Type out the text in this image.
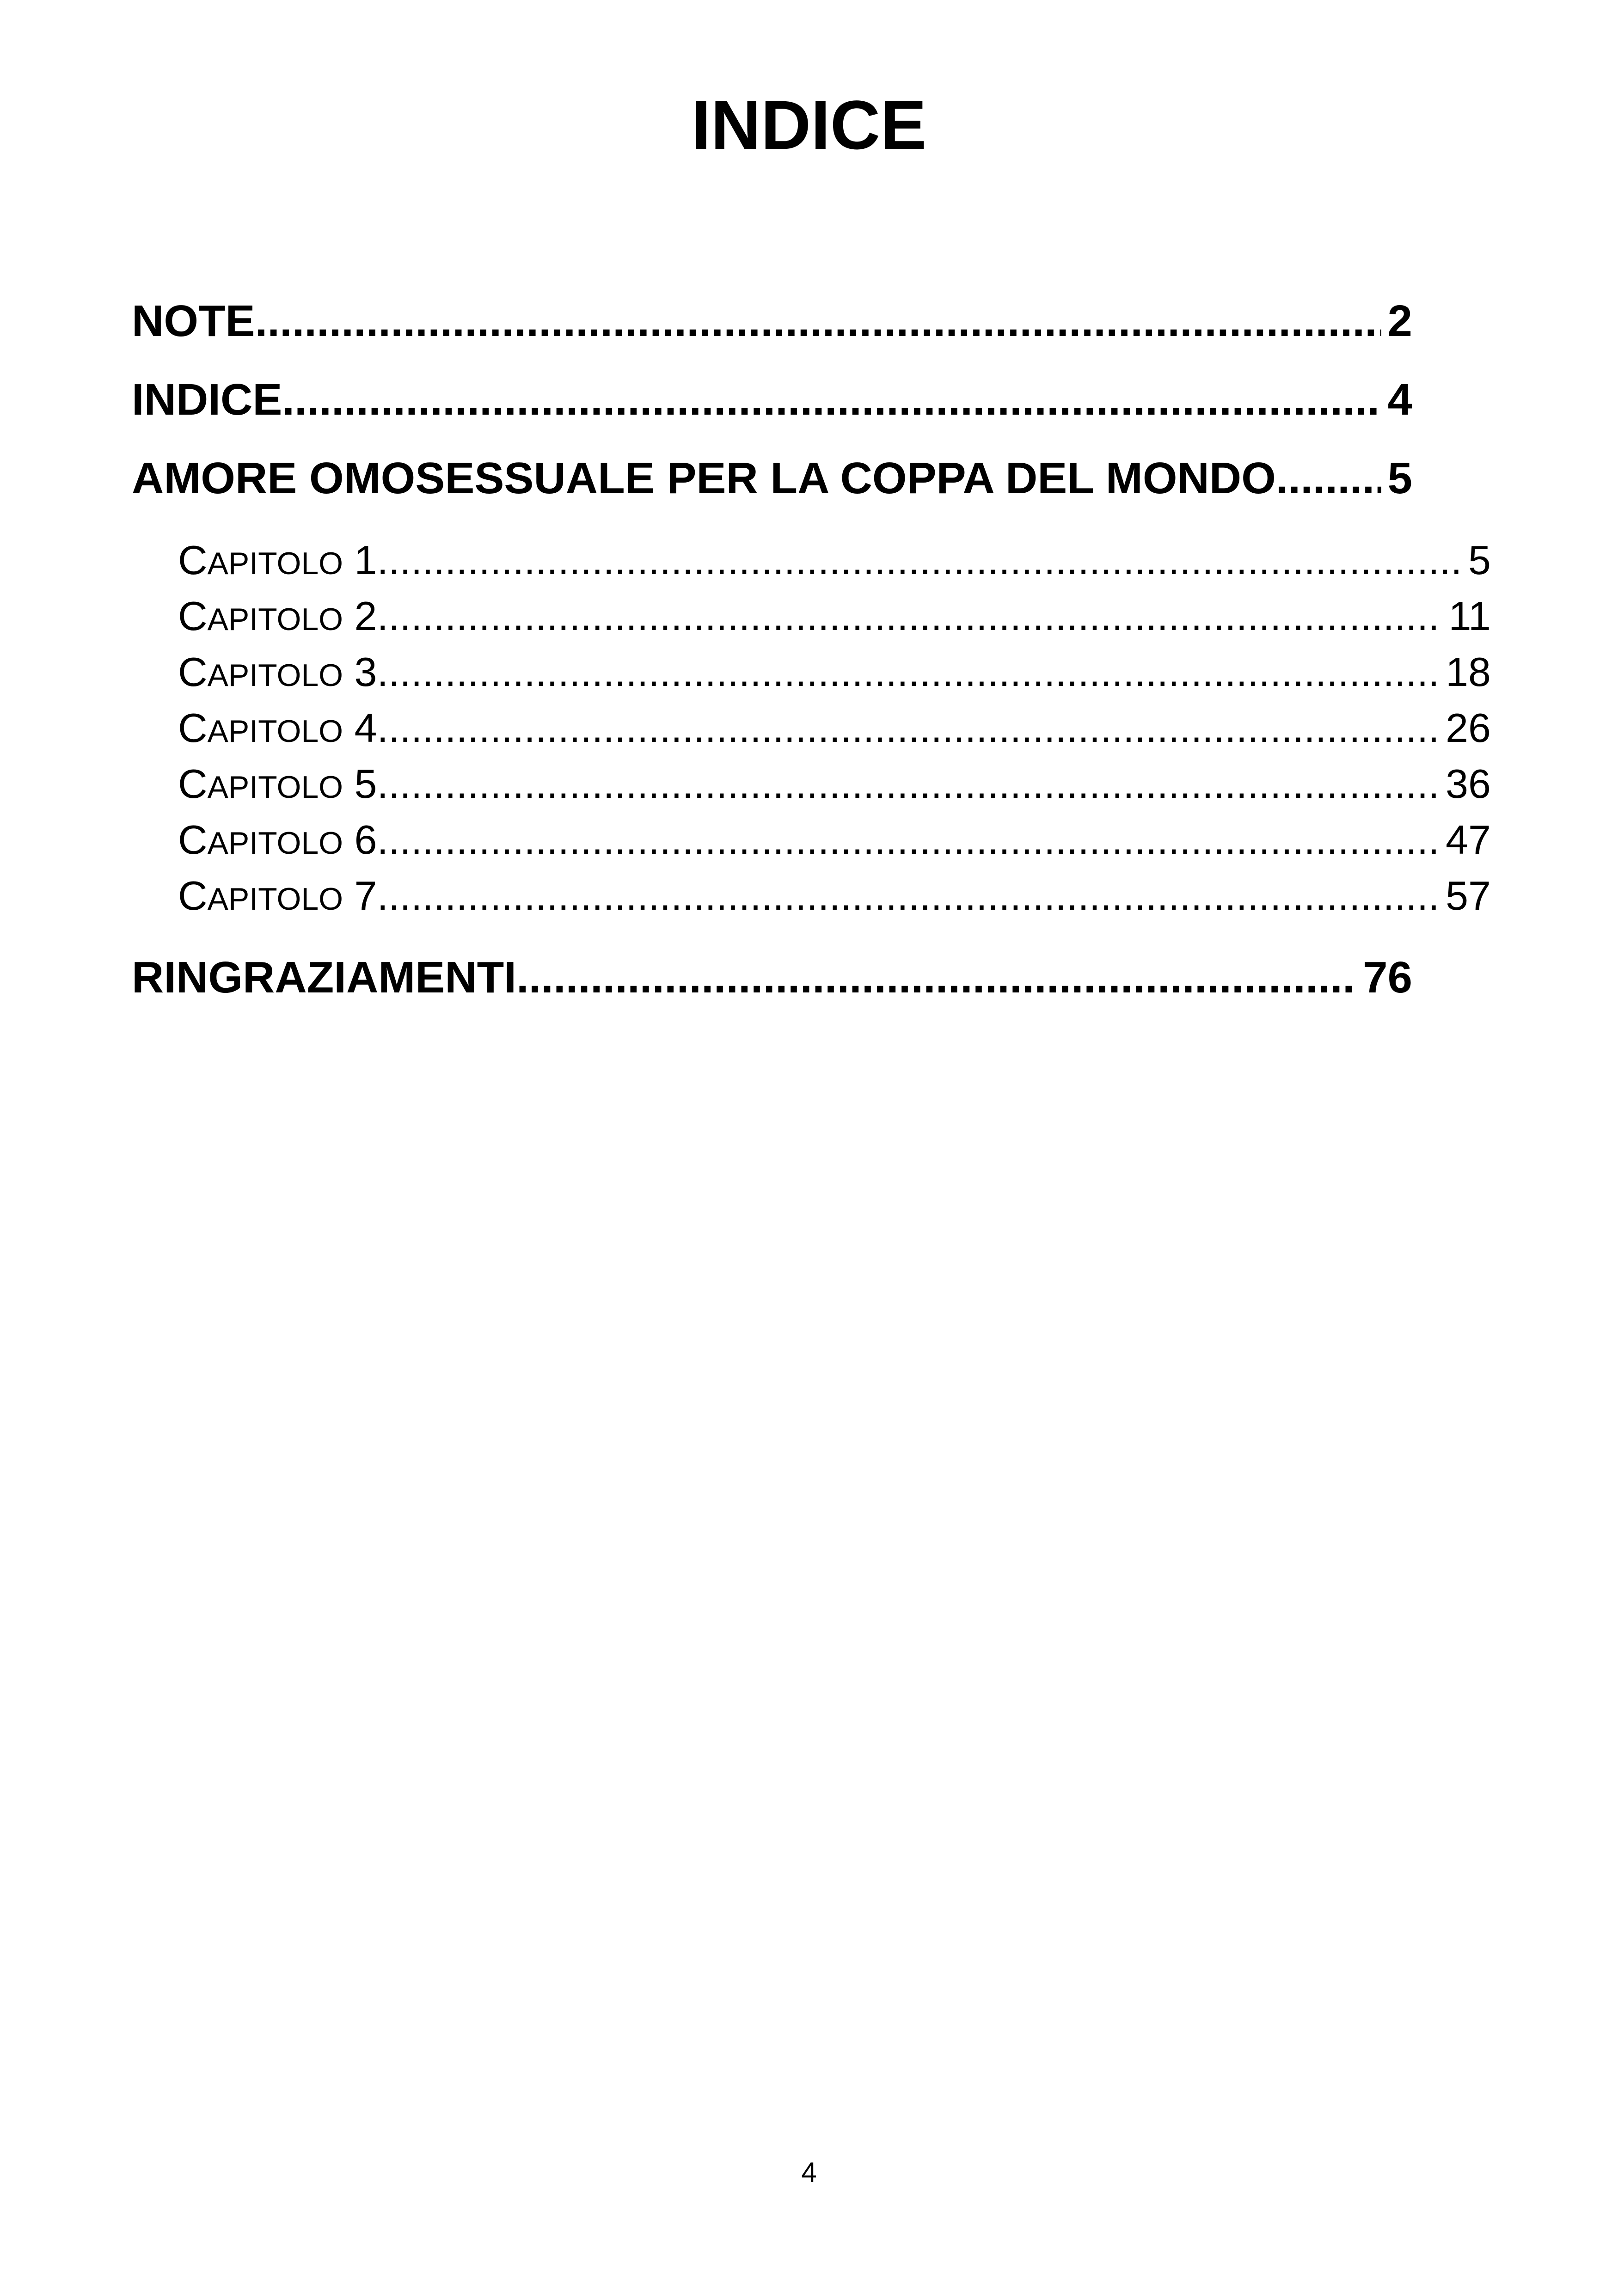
INDICE
NOTE .....	2
INDICE .....	4
AMORE OMOSESSUALE PER LA COPPA DEL MONDO .....	5
CAPITOLO 1 .....	5
CAPITOLO 2 .....	11
CAPITOLO 3 .....	18
CAPITOLO 4 .....	26
CAPITOLO 5 .....	36
CAPITOLO 6 .....	47
CAPITOLO 7 .....	57
RINGRAZIAMENTI .....	76
4
